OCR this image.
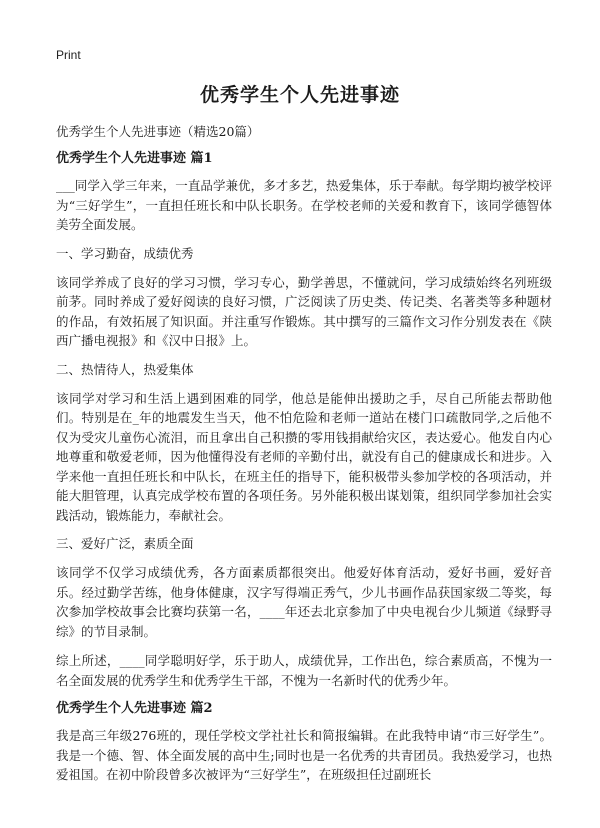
Print
优秀学生个人先进事迹

优秀学生个人先进事迹（精选20篇）

优秀学生个人先进事迹 篇1

___同学入学三年来，一直品学兼优，多才多艺，热爱集体，乐于奉献。每学期均被学校评为“三好学生”，一直担任班长和中队长职务。在学校老师的关爱和教育下，该同学德智体美劳全面发展。

一、学习勤奋，成绩优秀

该同学养成了良好的学习习惯，学习专心，勤学善思，不懂就问，学习成绩始终名列班级前茅。同时养成了爱好阅读的良好习惯，广泛阅读了历史类、传记类、名著类等多种题材的作品，有效拓展了知识面。并注重写作锻炼。其中撰写的三篇作文习作分别发表在《陕西广播电视报》和《汉中日报》上。

二、热情待人，热爱集体

该同学对学习和生活上遇到困难的同学，他总是能伸出援助之手，尽自己所能去帮助他们。特别是在_年的地震发生当天，他不怕危险和老师一道站在楼门口疏散同学,之后他不仅为受灾儿童伤心流泪，而且拿出自己积攒的零用钱捐献给灾区，表达爱心。他发自内心地尊重和敬爱老师，因为他懂得没有老师的辛勤付出，就没有自己的健康成长和进步。入学来他一直担任班长和中队长，在班主任的指导下，能积极带头参加学校的各项活动，并能大胆管理，认真完成学校布置的各项任务。另外能积极出谋划策，组织同学参加社会实践活动，锻炼能力，奉献社会。

三、爱好广泛，素质全面

该同学不仅学习成绩优秀，各方面素质都很突出。他爱好体育活动，爱好书画，爱好音乐。经过勤学苦练，他身体健康，汉字写得端正秀气，少儿书画作品获国家级二等奖，每次参加学校故事会比赛均获第一名，____年还去北京参加了中央电视台少儿频道《绿野寻综》的节目录制。

综上所述，____同学聪明好学，乐于助人，成绩优异，工作出色，综合素质高，不愧为一名全面发展的优秀学生和优秀学生干部，不愧为一名新时代的优秀少年。

优秀学生个人先进事迹 篇2

我是高三年级276班的，现任学校文学社社长和简报编辑。在此我特申请“市三好学生”。我是一个德、智、体全面发展的高中生;同时也是一名优秀的共青团员。我热爱学习，也热爱祖国。在初中阶段曾多次被评为“三好学生”，在班级担任过副班长
